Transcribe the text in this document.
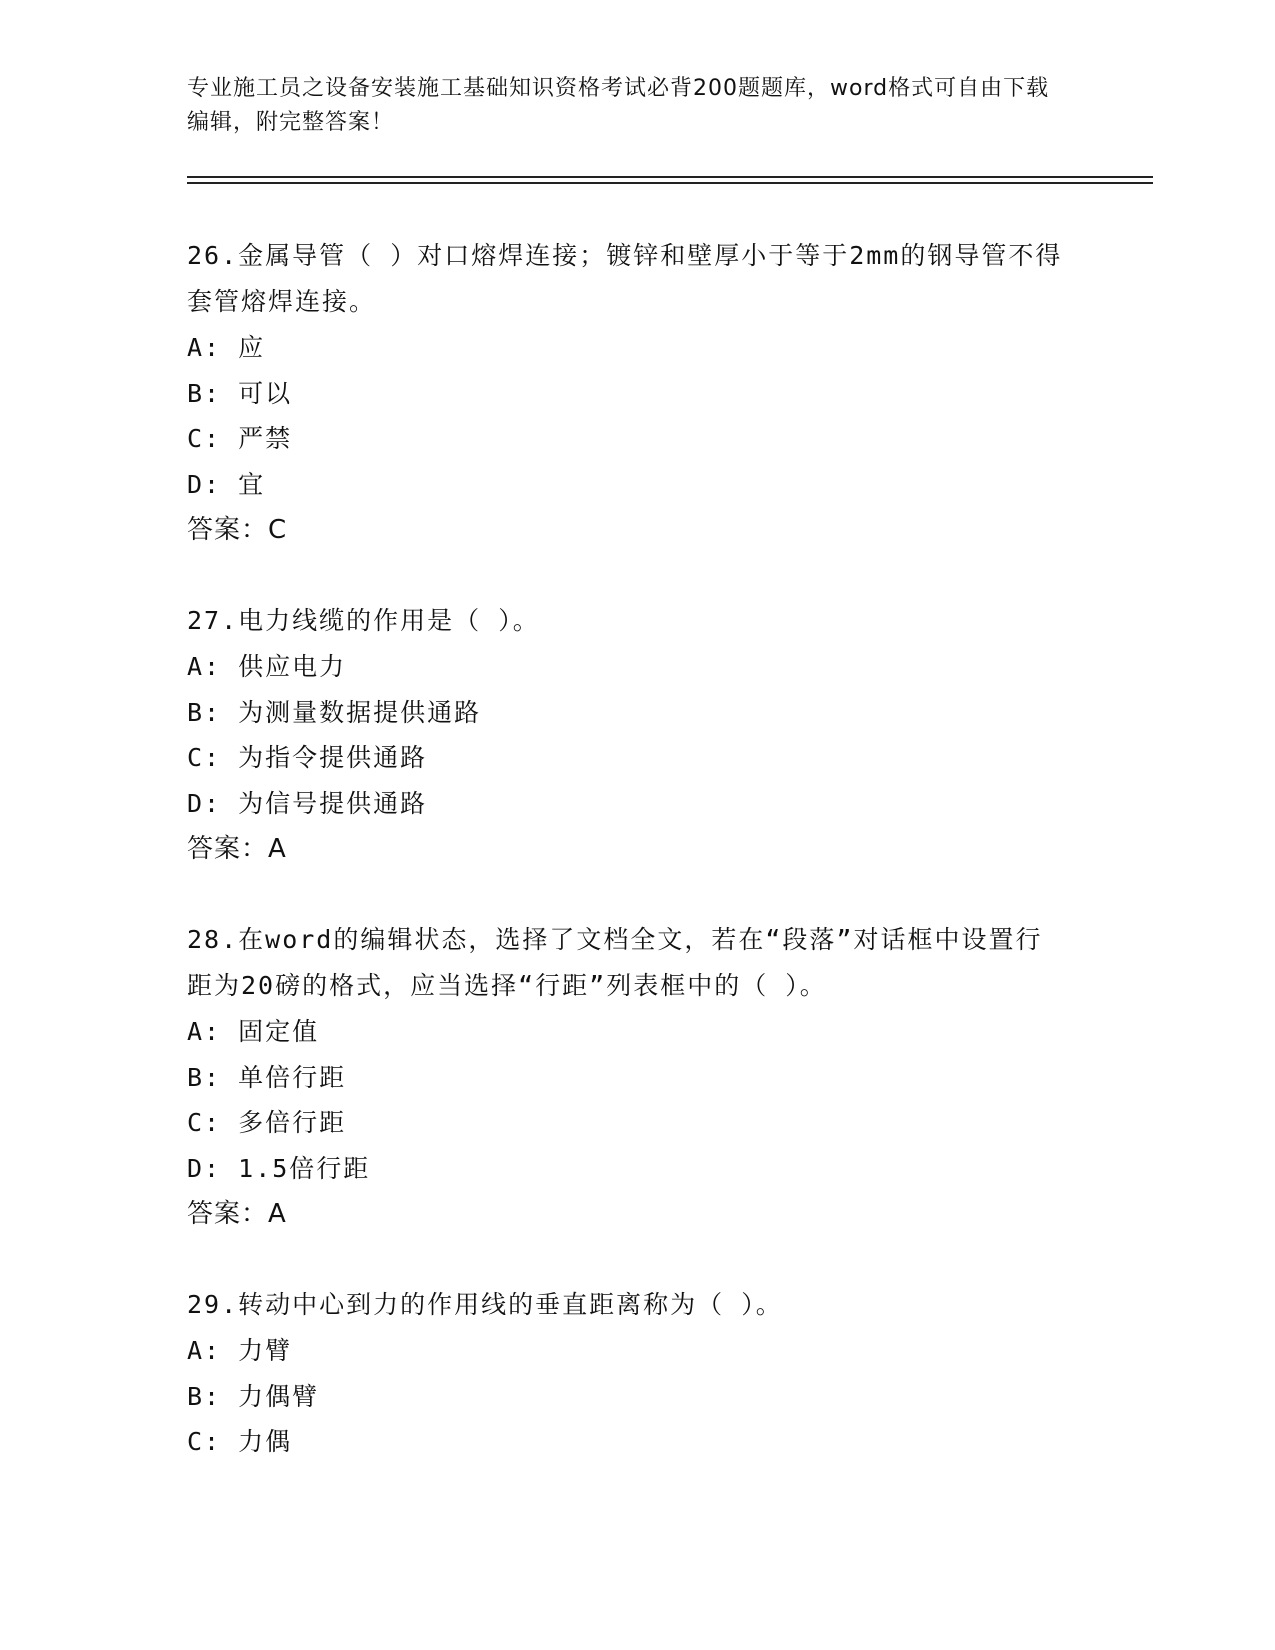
专业施工员之设备安装施工基础知识资格考试必背200题题库，word格式可自由下载编辑，附完整答案！
26.金属导管（ ）对口熔焊连接；镀锌和壁厚小于等于2mm的钢导管不得套管熔焊连接。
A: 应
B: 可以
C: 严禁
D: 宜
答案：C
27.电力线缆的作用是（ ）。
A: 供应电力
B: 为测量数据提供通路
C: 为指令提供通路
D: 为信号提供通路
答案：A
28.在word的编辑状态，选择了文档全文，若在“段落”对话框中设置行距为20磅的格式，应当选择“行距”列表框中的（ ）。
A: 固定值
B: 单倍行距
C: 多倍行距
D: 1.5倍行距
答案：A
29.转动中心到力的作用线的垂直距离称为（ ）。
A: 力臂
B: 力偶臂
C: 力偶
